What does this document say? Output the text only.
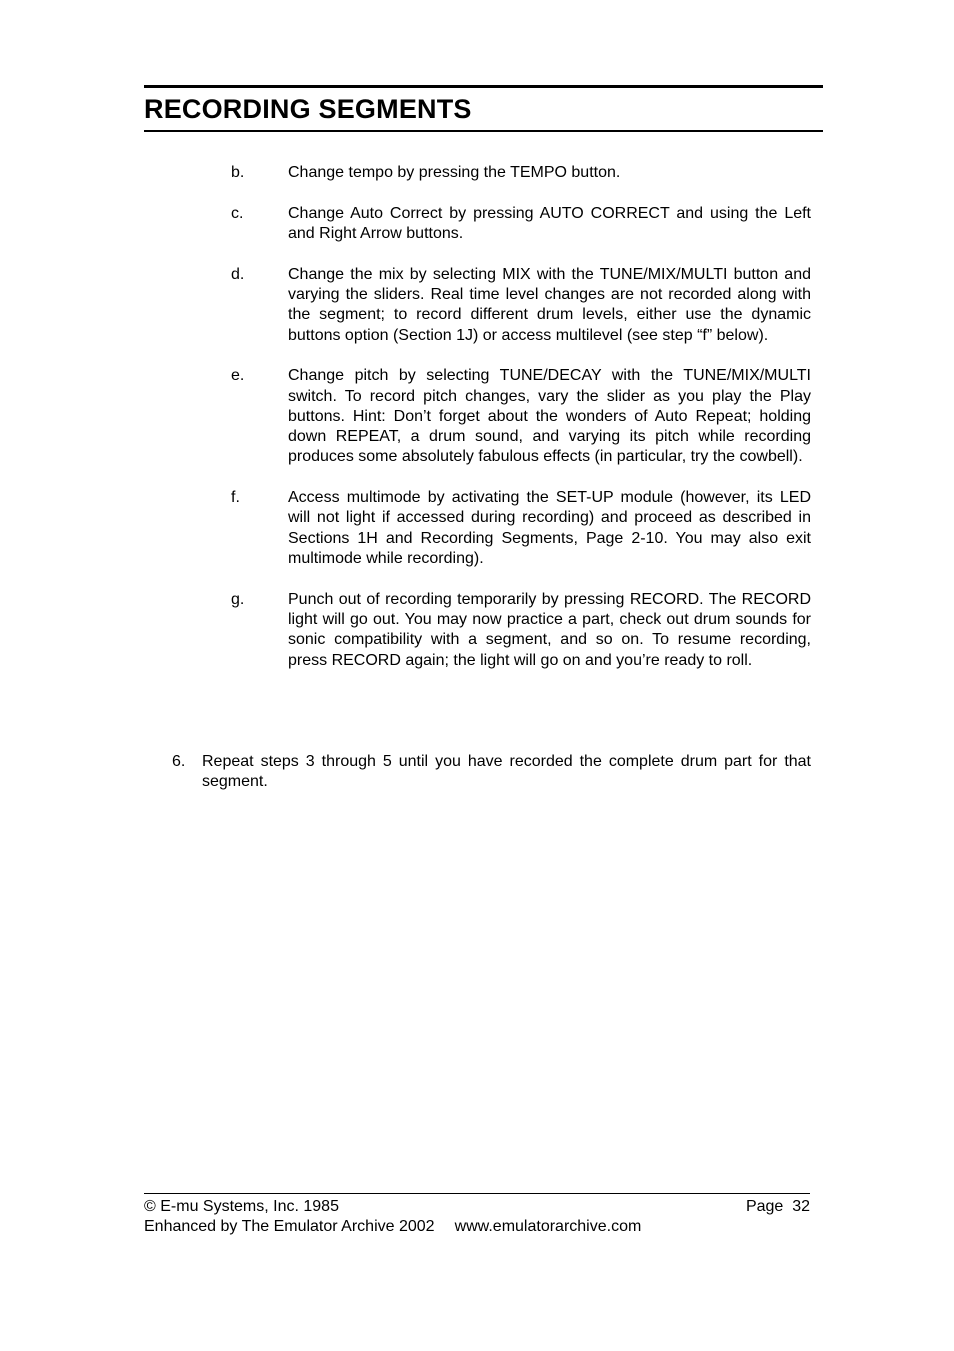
RECORDING SEGMENTS
b.	Change tempo by pressing the TEMPO button.
c.	Change Auto Correct by pressing AUTO CORRECT and using the Left and Right Arrow buttons.
d.	Change the mix by selecting MIX with the TUNE/MIX/MULTI button and varying the sliders. Real time level changes are not recorded along with the segment; to record different drum levels, either use the dynamic buttons option (Section 1J) or access multilevel (see step “f” below).
e.	Change pitch by selecting TUNE/DECAY with the TUNE/MIX/MULTI switch. To record pitch changes, vary the slider as you play the Play buttons. Hint: Don’t forget about the wonders of Auto Repeat; holding down REPEAT, a drum sound, and varying its pitch while recording produces some absolutely fabulous effects (in particular, try the cowbell).
f.	Access multimode by activating the SET-UP module (however, its LED will not light if accessed during recording) and proceed as described in Sections 1H and Recording Segments, Page 2-10. You may also exit multimode while recording).
g.	Punch out of recording temporarily by pressing RECORD. The RECORD light will go out. You may now practice a part, check out drum sounds for sonic compatibility with a segment, and so on. To resume recording, press RECORD again; the light will go on and you’re ready to roll.
6.	Repeat steps 3 through 5 until you have recorded the complete drum part for that segment.
© E-mu Systems, Inc. 1985	Page  32
Enhanced by The Emulator Archive 2002 www.emulatorarchive.com
